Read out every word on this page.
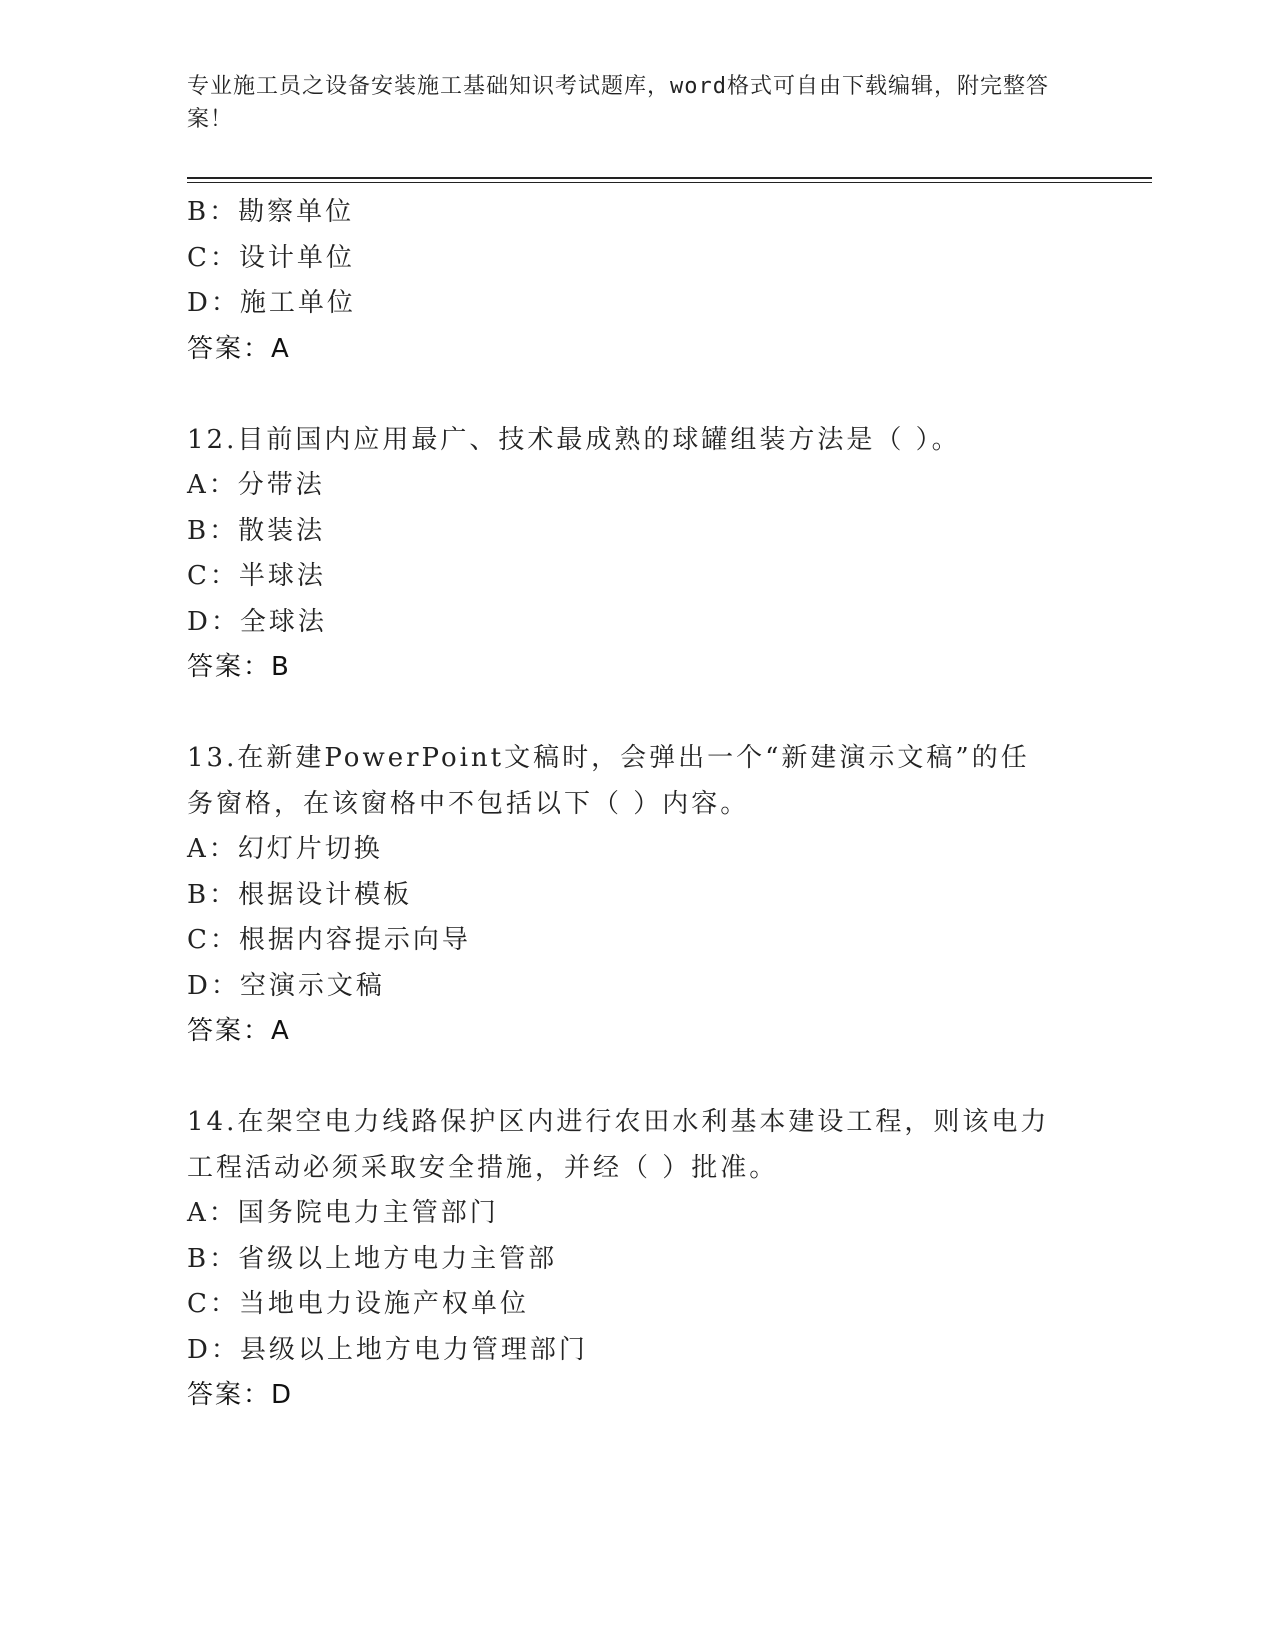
专业施工员之设备安装施工基础知识考试题库，word格式可自由下载编辑，附完整答案！
B：勘察单位
C：设计单位
D：施工单位
答案：A
12.目前国内应用最广、技术最成熟的球罐组装方法是（ ）。
A：分带法
B：散装法
C：半球法
D：全球法
答案：B
13.在新建PowerPoint文稿时，会弹出一个“新建演示文稿”的任务窗格，在该窗格中不包括以下（ ）内容。
A：幻灯片切换
B：根据设计模板
C：根据内容提示向导
D：空演示文稿
答案：A
14.在架空电力线路保护区内进行农田水利基本建设工程，则该电力工程活动必须采取安全措施，并经（ ）批准。
A：国务院电力主管部门
B：省级以上地方电力主管部
C：当地电力设施产权单位
D：县级以上地方电力管理部门
答案：D
